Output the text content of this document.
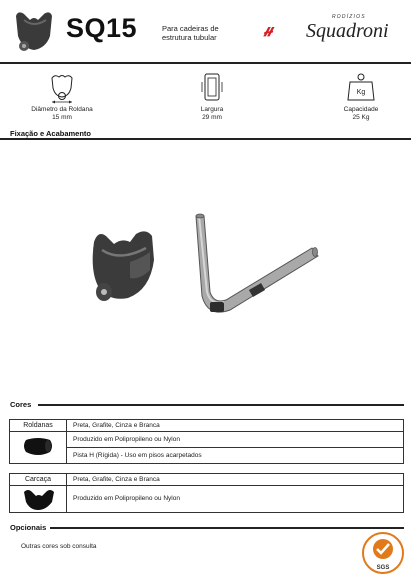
SQ15	Para cadeiras de
estrutura tubular
RODÍZIOS
Squadroni
Diâmetro da Roldana
15 mm
Largura
29 mm
Kg
Capacidade
25 Kg
Fixação e Acabamento
Cores
Roldanas	Preta, Grafite, Cinza e Branca
Produzido em Polipropileno ou Nylon
Pista H (Rígida) - Uso em pisos acarpetados
Carcaça	Preta, Grafite, Cinza e Branca
Produzido em Polipropileno ou Nylon
Opcionais
Outras cores sob consulta
SGS
